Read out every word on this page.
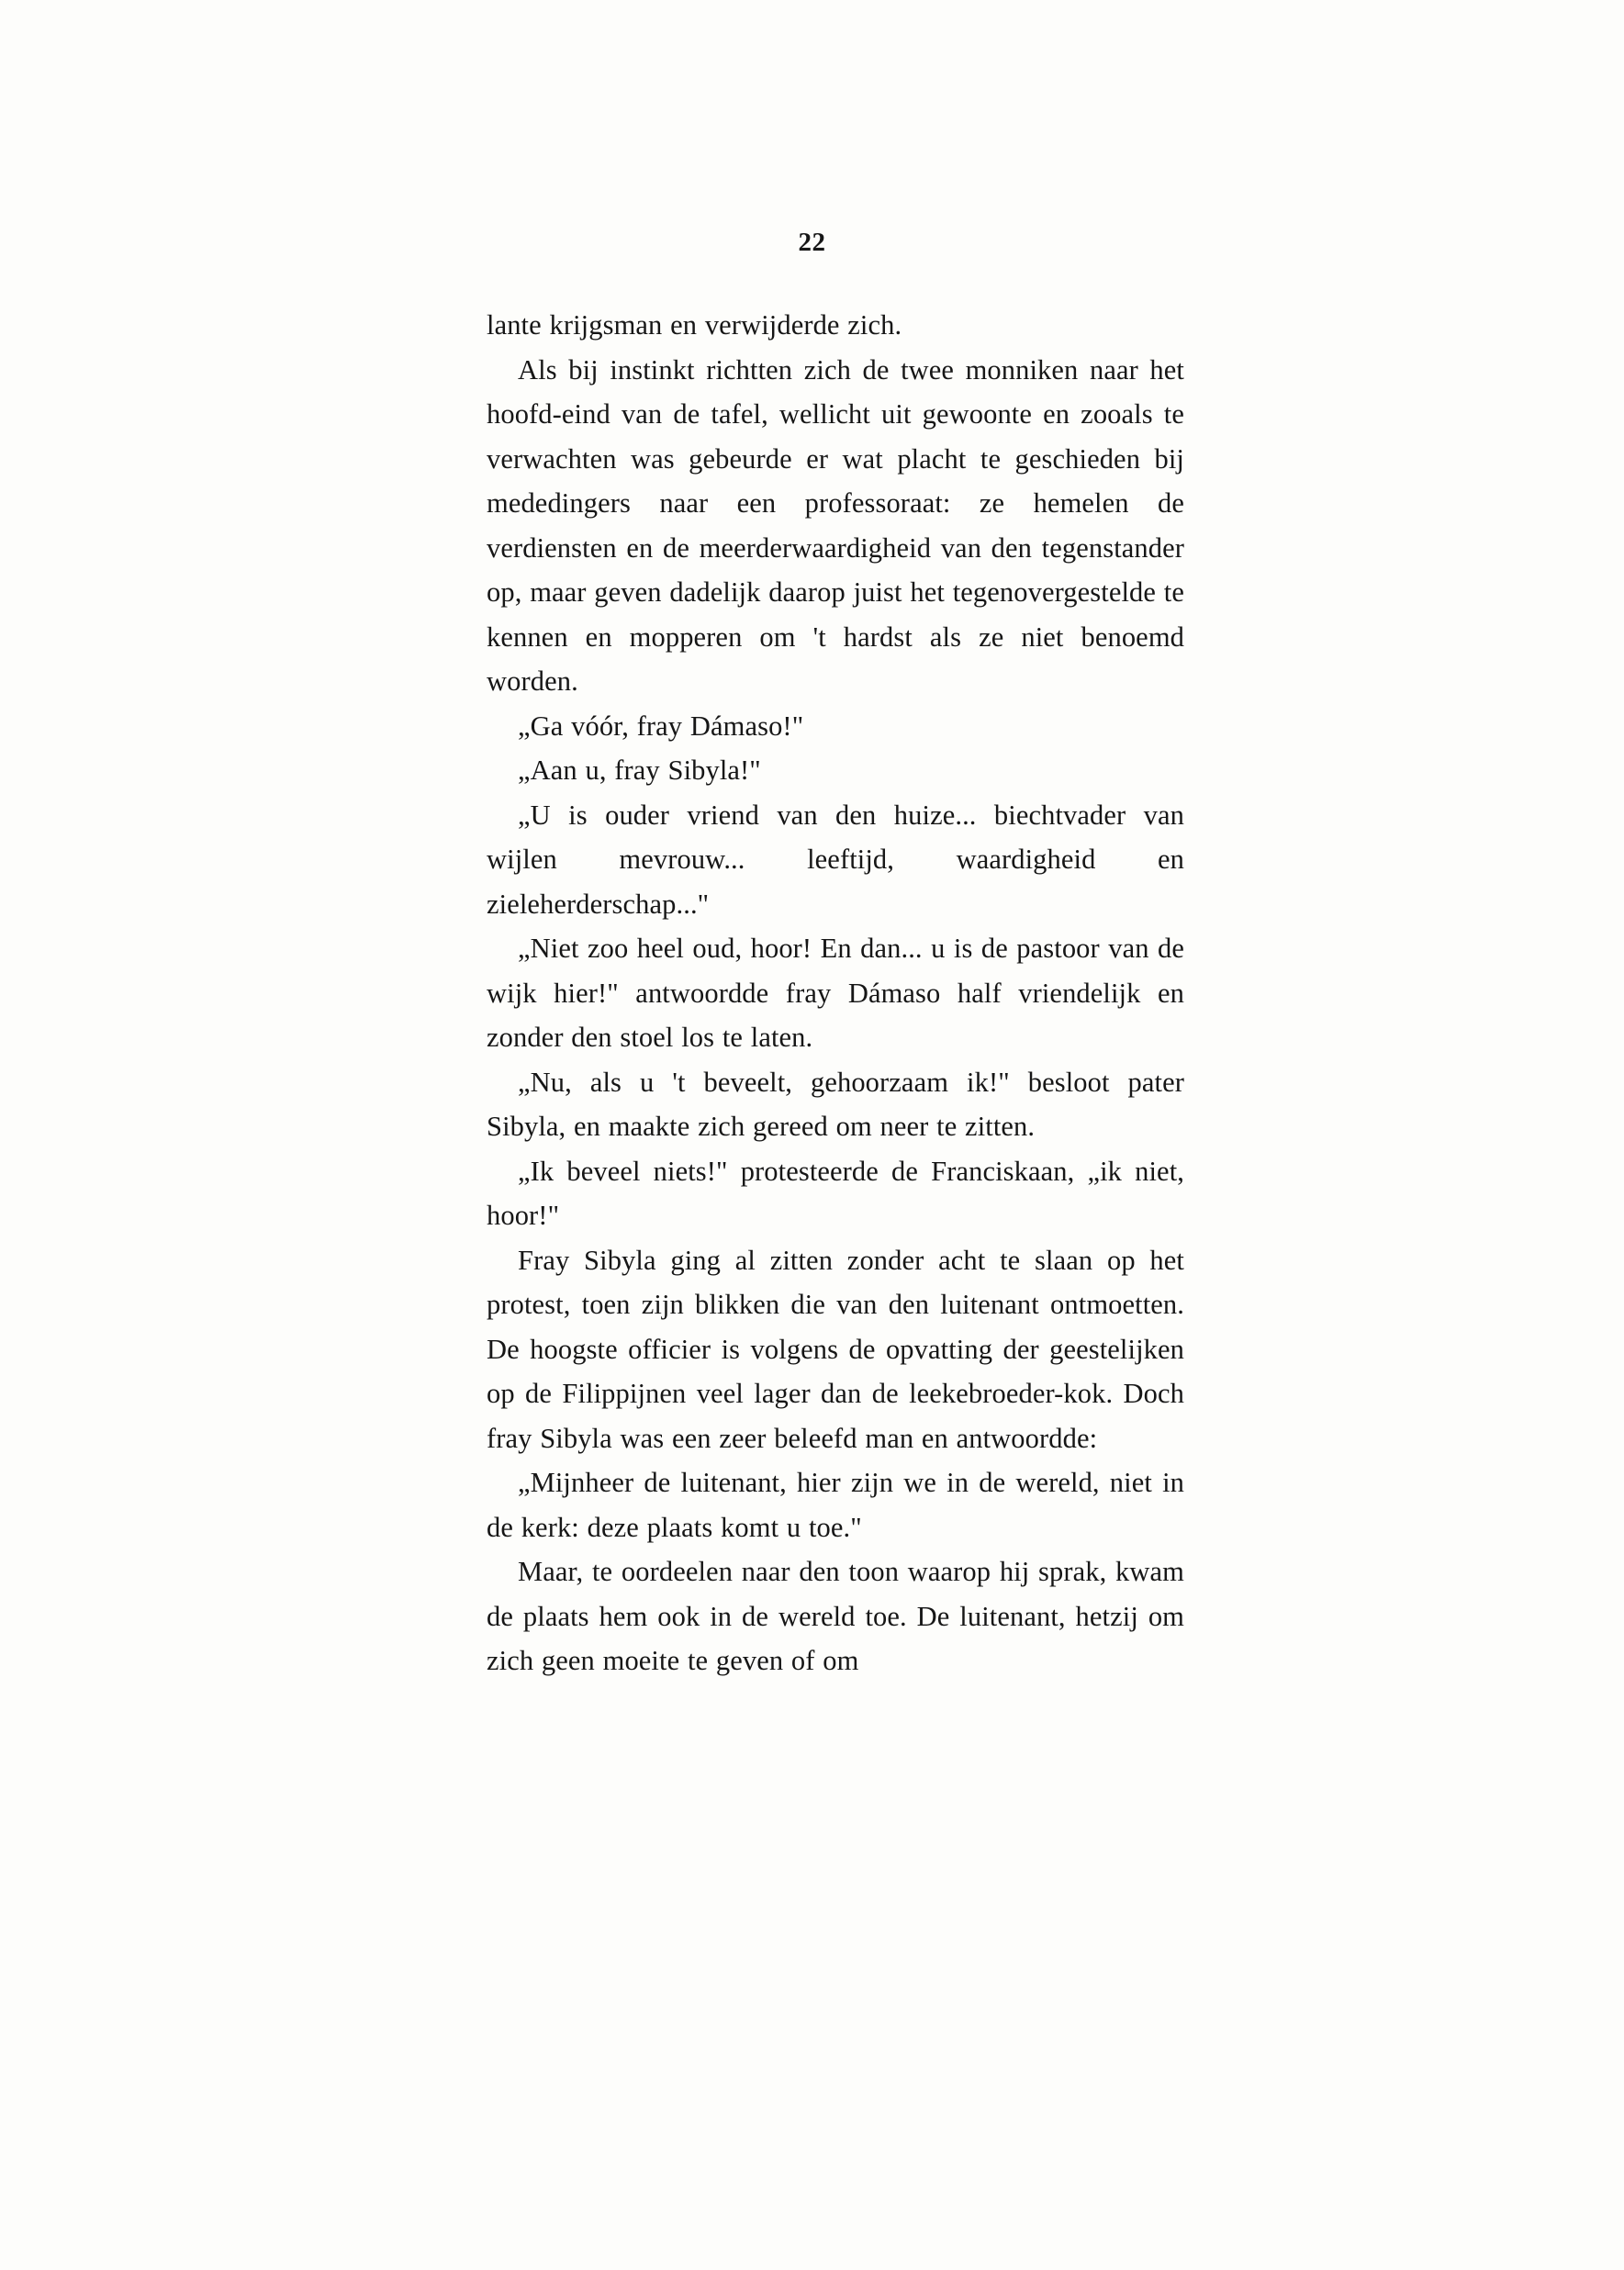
22

lante krijgsman en verwijderde zich.

Als bij instinkt richtten zich de twee monniken naar het hoofd-eind van de tafel, wellicht uit gewoonte en zooals te verwachten was gebeurde er wat placht te geschieden bij mededingers naar een professoraat: ze hemelen de verdiensten en de meerderwaardigheid van den tegenstander op, maar geven dadelijk daarop juist het tegenovergestelde te kennen en mopperen om 't hardst als ze niet benoemd worden.

„Ga vóór, fray Dámaso!"

„Aan u, fray Sibyla!"

„U is ouder vriend van den huize... biechtvader van wijlen mevrouw... leeftijd, waardigheid en zieleherderschap..."

„Niet zoo heel oud, hoor! En dan... u is de pastoor van de wijk hier!" antwoordde fray Dámaso half vriendelijk en zonder den stoel los te laten.

„Nu, als u 't beveelt, gehoorzaam ik!" besloot pater Sibyla, en maakte zich gereed om neer te zitten.

„Ik beveel niets!" protesteerde de Franciskaan, „ik niet, hoor!"

Fray Sibyla ging al zitten zonder acht te slaan op het protest, toen zijn blikken die van den luitenant ontmoetten. De hoogste officier is volgens de opvatting der geestelijken op de Filippijnen veel lager dan de leekebroeder-kok. Doch fray Sibyla was een zeer beleefd man en antwoordde:

„Mijnheer de luitenant, hier zijn we in de wereld, niet in de kerk: deze plaats komt u toe."

Maar, te oordeelen naar den toon waarop hij sprak, kwam de plaats hem ook in de wereld toe. De luitenant, hetzij om zich geen moeite te geven of om
